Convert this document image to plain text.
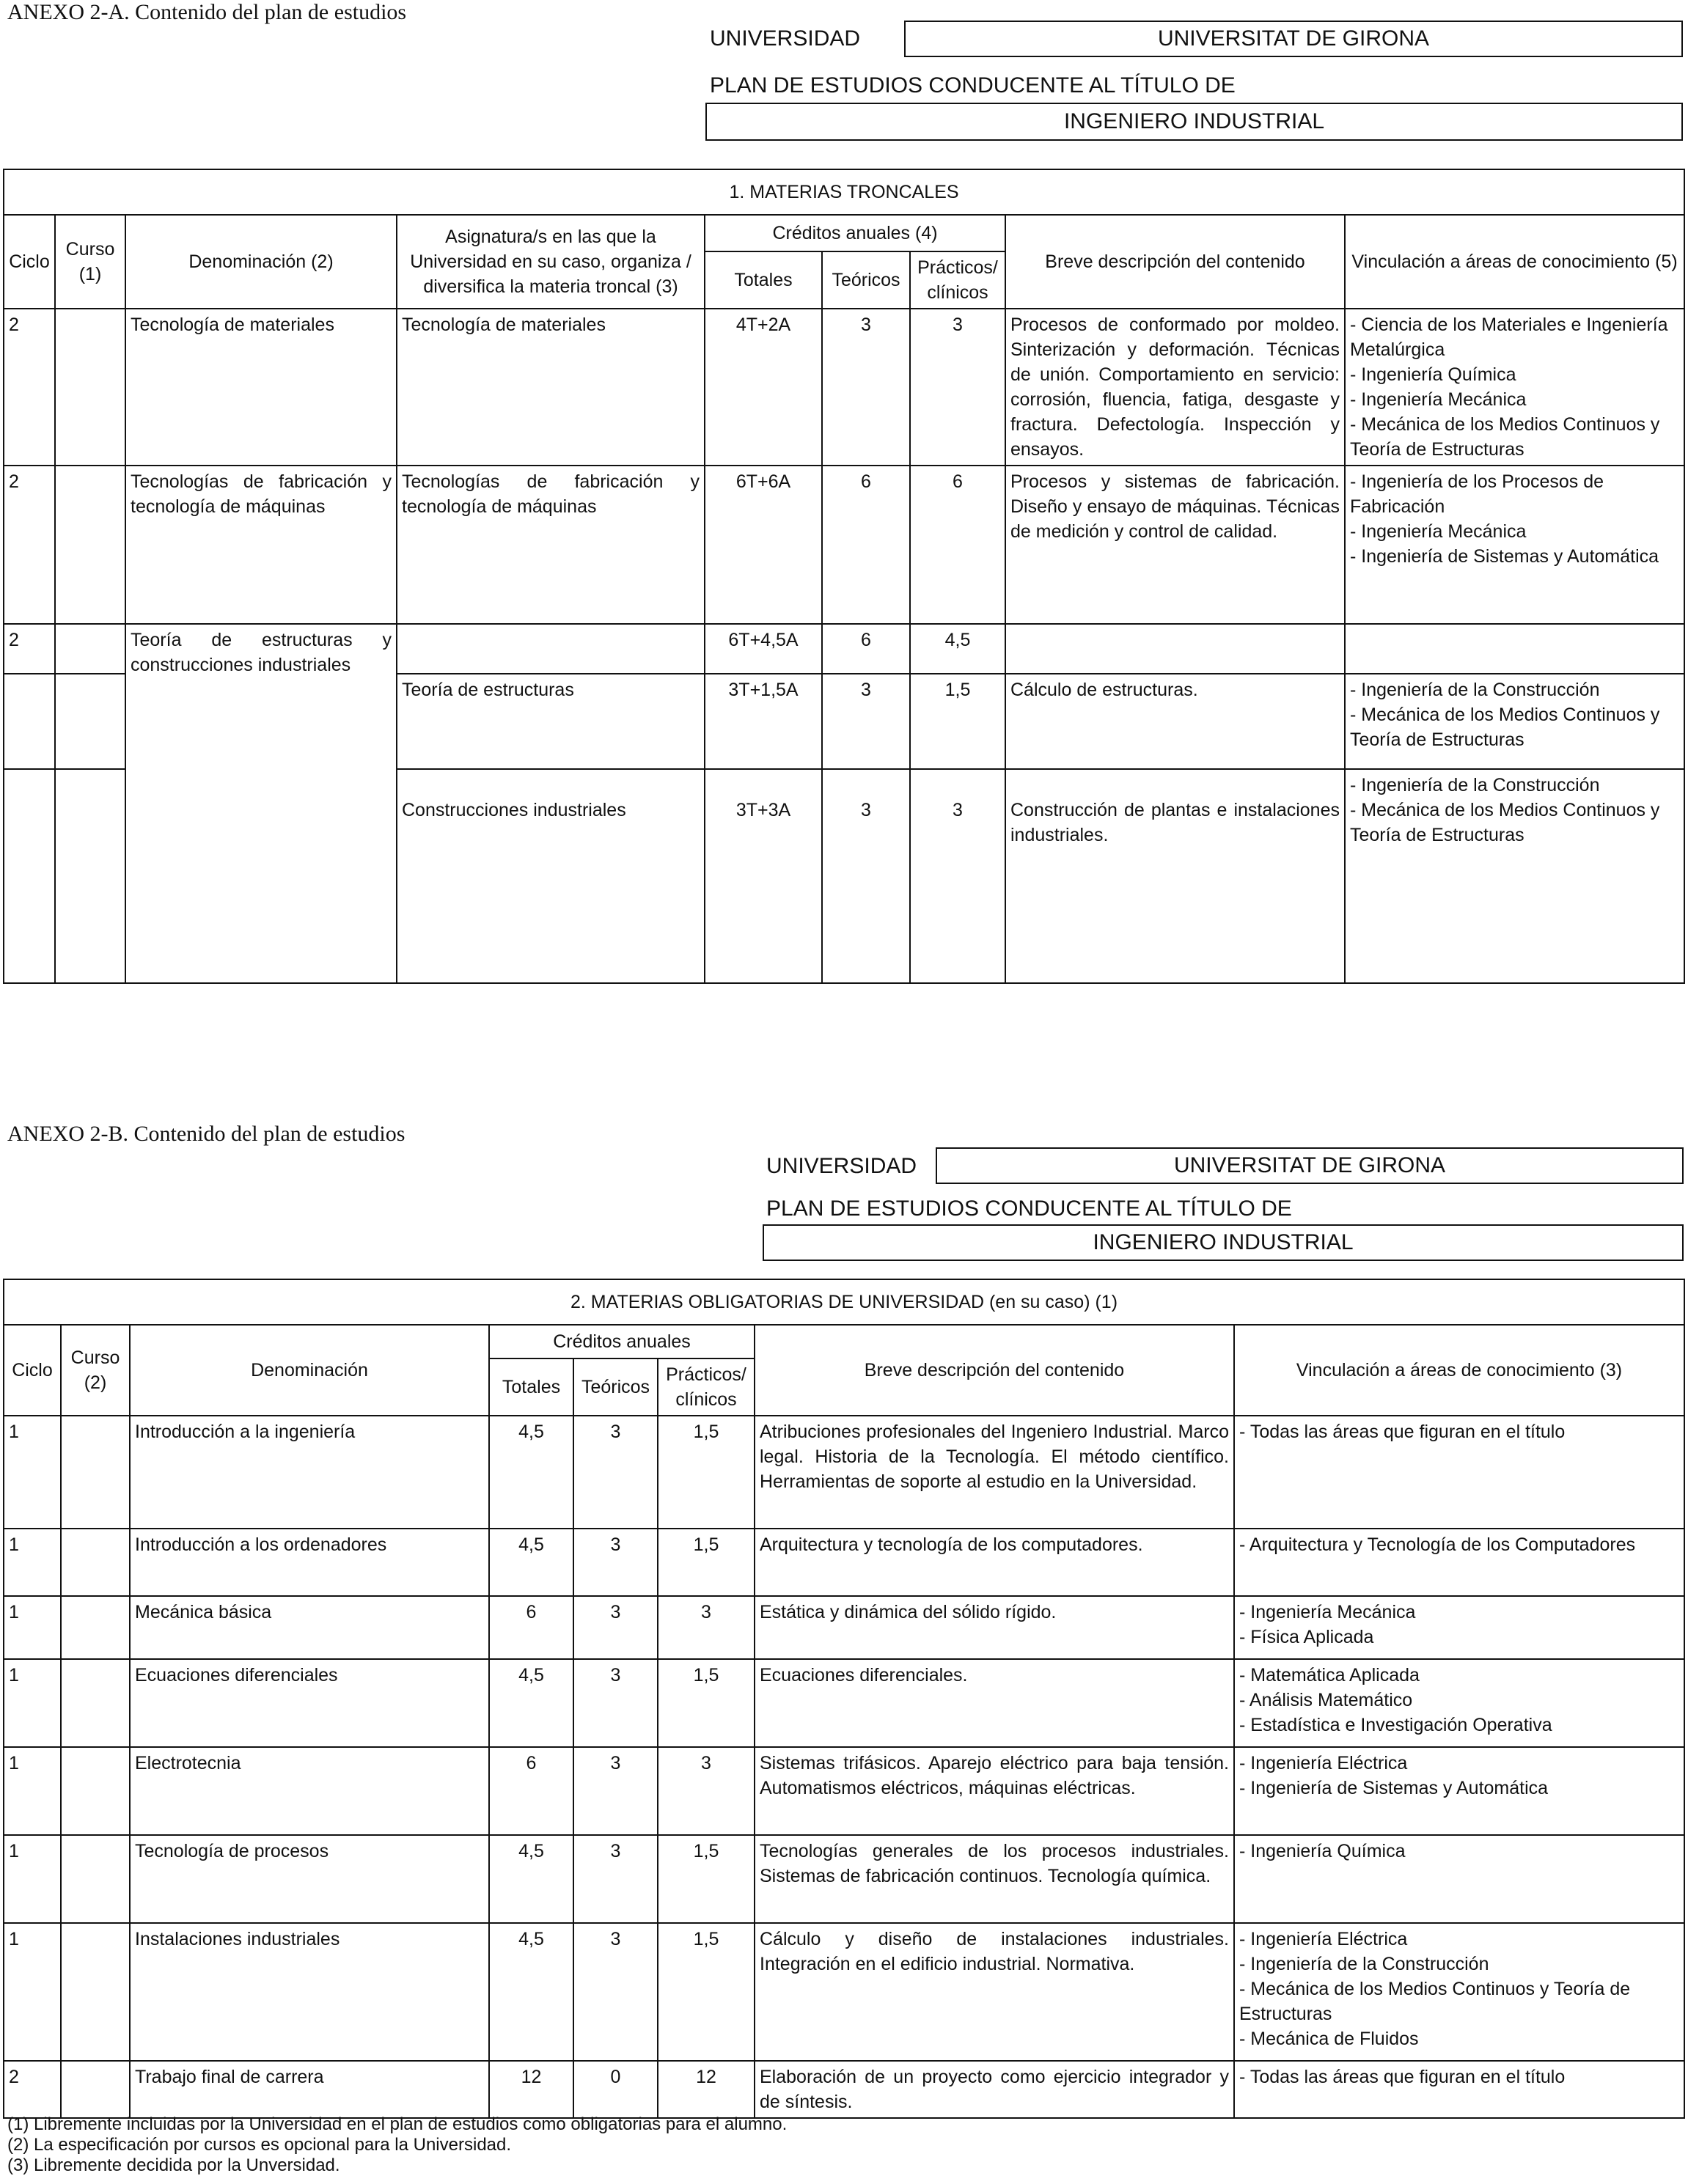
ANEXO 2-A. Contenido del plan de estudios
UNIVERSIDAD	UNIVERSITAT DE GIRONA
PLAN DE ESTUDIOS CONDUCENTE AL TÍTULO DE
INGENIERO INDUSTRIAL
1. MATERIAS TRONCALES								
Ciclo	Curso (1)	Denominación (2)	Asignatura/s en las que la Universidad en su caso, organiza / diversifica la materia troncal (3)	Créditos anuales (4)			Breve descripción del contenido	Vinculación a áreas de conocimiento (5)
				Totales	Teóricos	Prácticos/ clínicos		
2		Tecnología de materiales	Tecnología de materiales	4T+2A	3	3	Procesos de conformado por moldeo. Sinterización y deformación. Técnicas de unión. Comportamiento en servicio: corrosión, fluencia, fatiga, desgaste y fractura. Defectología. Inspección y ensayos.	- Ciencia de los Materiales e Ingeniería Metalúrgica
- Ingeniería Química
- Ingeniería Mecánica
- Mecánica de los Medios Continuos y Teoría de Estructuras

2		Tecnologías de fabricación y tecnología de máquinas	Tecnologías de fabricación y tecnología de máquinas	6T+6A	6	6	Procesos y sistemas de fabricación. Diseño y ensayo de máquinas. Técnicas de medición y control de calidad.	- Ingeniería de los Procesos de Fabricación
- Ingeniería Mecánica
- Ingeniería de Sistemas y Automática

2		Teoría de estructuras y construcciones industriales		6T+4,5A	6	4,5		
			Teoría de estructuras	3T+1,5A	3	1,5	Cálculo de estructuras.	- Ingeniería de la Construcción
- Mecánica de los Medios Continuos y Teoría de Estructuras

			Construcciones industriales	3T+3A	3	3	Construcción de plantas e instalaciones industriales.	- Ingeniería de la Construcción
- Mecánica de los Medios Continuos y Teoría de Estructuras
ANEXO 2-B. Contenido del plan de estudios
UNIVERSIDAD	UNIVERSITAT DE GIRONA
PLAN DE ESTUDIOS CONDUCENTE AL TÍTULO DE
INGENIERO INDUSTRIAL
2. MATERIAS OBLIGATORIAS DE UNIVERSIDAD (en su caso) (1)							
Ciclo	Curso (2)	Denominación	Créditos anuales			Breve descripción del contenido	Vinculación a áreas de conocimiento (3)
			Totales	Teóricos	Prácticos/ clínicos		
1		Introducción a la ingeniería	4,5	3	1,5	Atribuciones profesionales del Ingeniero Industrial. Marco legal. Historia de la Tecnología. El método científico. Herramientas de soporte al estudio en la Universidad.	- Todas las áreas que figuran en el título

1		Introducción a los ordenadores	4,5	3	1,5	Arquitectura y tecnología de los computadores.	- Arquitectura y Tecnología de los Computadores

1		Mecánica básica	6	3	3	Estática y dinámica del sólido rígido.	- Ingeniería Mecánica
- Física Aplicada

1		Ecuaciones diferenciales	4,5	3	1,5	Ecuaciones diferenciales.	- Matemática Aplicada
- Análisis Matemático
- Estadística e Investigación Operativa

1		Electrotecnia	6	3	3	Sistemas trifásicos. Aparejo eléctrico para baja tensión. Automatismos eléctricos, máquinas eléctricas.	- Ingeniería Eléctrica
- Ingeniería de Sistemas y Automática

1		Tecnología de procesos	4,5	3	1,5	Tecnologías generales de los procesos industriales. Sistemas de fabricación continuos. Tecnología química.	- Ingeniería Química

1		Instalaciones industriales	4,5	3	1,5	Cálculo y diseño de instalaciones industriales. Integración en el edificio industrial. Normativa.	- Ingeniería Eléctrica
- Ingeniería de la Construcción
- Mecánica de los Medios Continuos y Teoría de Estructuras
- Mecánica de Fluidos

2		Trabajo final de carrera	12	0	12	Elaboración de un proyecto como ejercicio integrador y de síntesis.	- Todas las áreas que figuran en el título
(1) Libremente incluidas por la Universidad en el plan de estudios como obligatorias para el alumno.
(2) La especificación por cursos es opcional para la Universidad.
(3) Libremente decidida por la Unversidad.
